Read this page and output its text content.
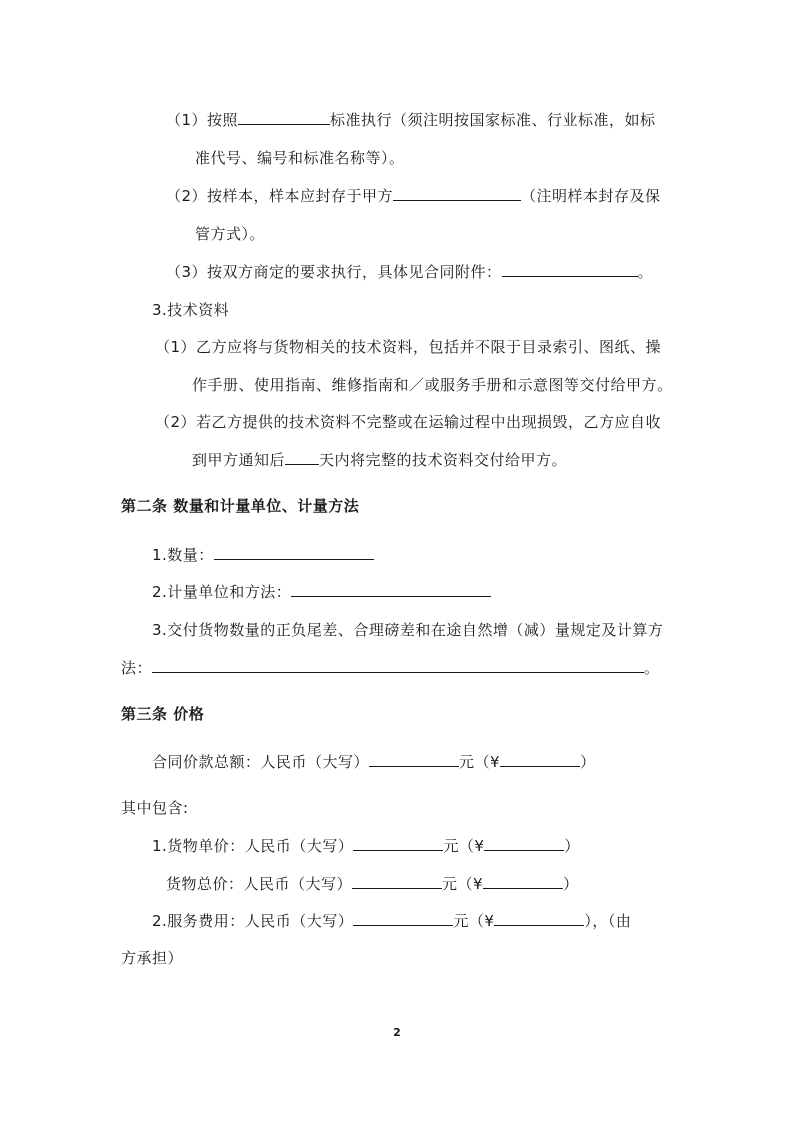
（1）按照	标准执行（须注明按国家标准、行业标准，如标
准代号、编号和标准名称等）。
（2）按样本，样本应封存于甲方	（注明样本封存及保
管方式）。
（3）按双方商定的要求执行，具体见合同附件：	。
3.技术资料
（1）乙方应将与货物相关的技术资料，包括并不限于目录索引、图纸、操
作手册、使用指南、维修指南和／或服务手册和示意图等交付给甲方。
（2）若乙方提供的技术资料不完整或在运输过程中出现损毁，乙方应自收
到甲方通知后 天内将完整的技术资料交付给甲方。
第二条 数量和计量单位、计量方法
1.数量：
2.计量单位和方法：
3.交付货物数量的正负尾差、合理磅差和在途自然增（减）量规定及计算方
法：	。
第三条 价格
合同价款总额：人民币（大写）	元（¥	）
其中包含:
1.货物单价：人民币（大写）	元（¥	）
货物总价：人民币（大写）	元（¥	）
2.服务费用：人民币（大写）	元（¥	），（由
方承担）
2
